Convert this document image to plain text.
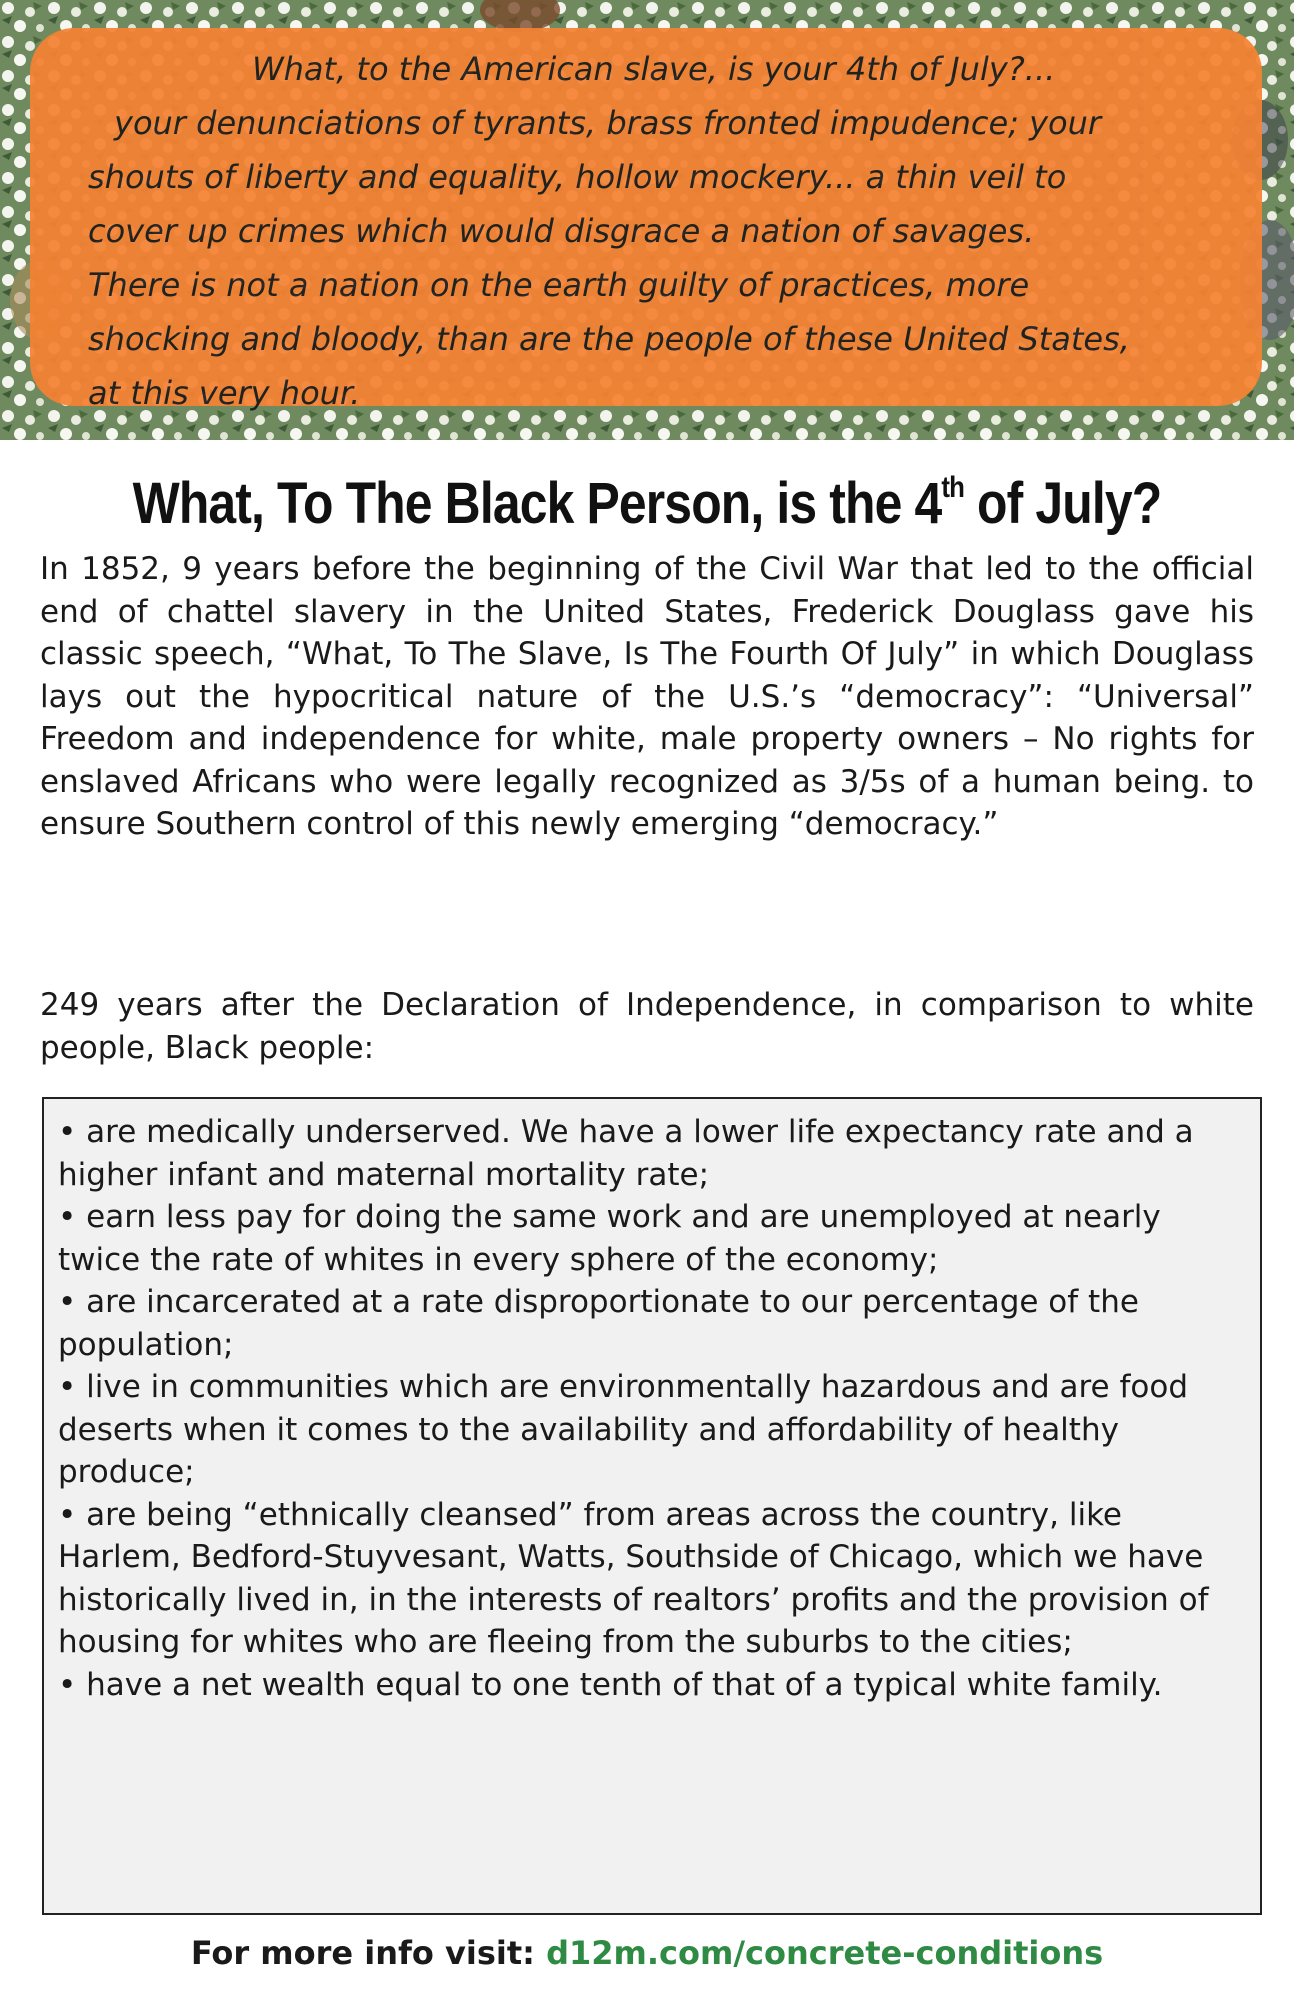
What, to the American slave, is your 4th of July?...
your denunciations of tyrants, brass fronted impudence; your
shouts of liberty and equality, hollow mockery... a thin veil to
cover up crimes which would disgrace a nation of savages.
There is not a nation on the earth guilty of practices, more
shocking and bloody, than are the people of these United States,
at this very hour.
What, To The Black Person, is the 4th of July?
In 1852, 9 years before the beginning of the Civil War that led to the official end of chattel slavery in the United States, Frederick Douglass gave his classic speech, “What, To The Slave, Is The Fourth Of July” in which Douglass lays out the hypocritical nature of the U.S.’s “democracy”: “Universal” Freedom and independence for white, male property owners – No rights for enslaved Africans who were legally recognized as 3/5s of a human being. to ensure Southern control of this newly emerging “democracy.”
249 years after the Declaration of Independence, in comparison to white people, Black people:
• are medically underserved. We have a lower life expectancy rate and a higher infant and maternal mortality rate;
• earn less pay for doing the same work and are unemployed at nearly twice the rate of whites in every sphere of the economy;
• are incarcerated at a rate disproportionate to our percentage of the population;
• live in communities which are environmentally hazardous and are food deserts when it comes to the availability and affordability of healthy produce;
• are being “ethnically cleansed” from areas across the country, like Harlem, Bedford-Stuyvesant, Watts, Southside of Chicago, which we have historically lived in, in the interests of realtors’ profits and the provision of housing for whites who are fleeing from the suburbs to the cities;
• have a net wealth equal to one tenth of that of a typical white family.
For more info visit: d12m.com/concrete-conditions
